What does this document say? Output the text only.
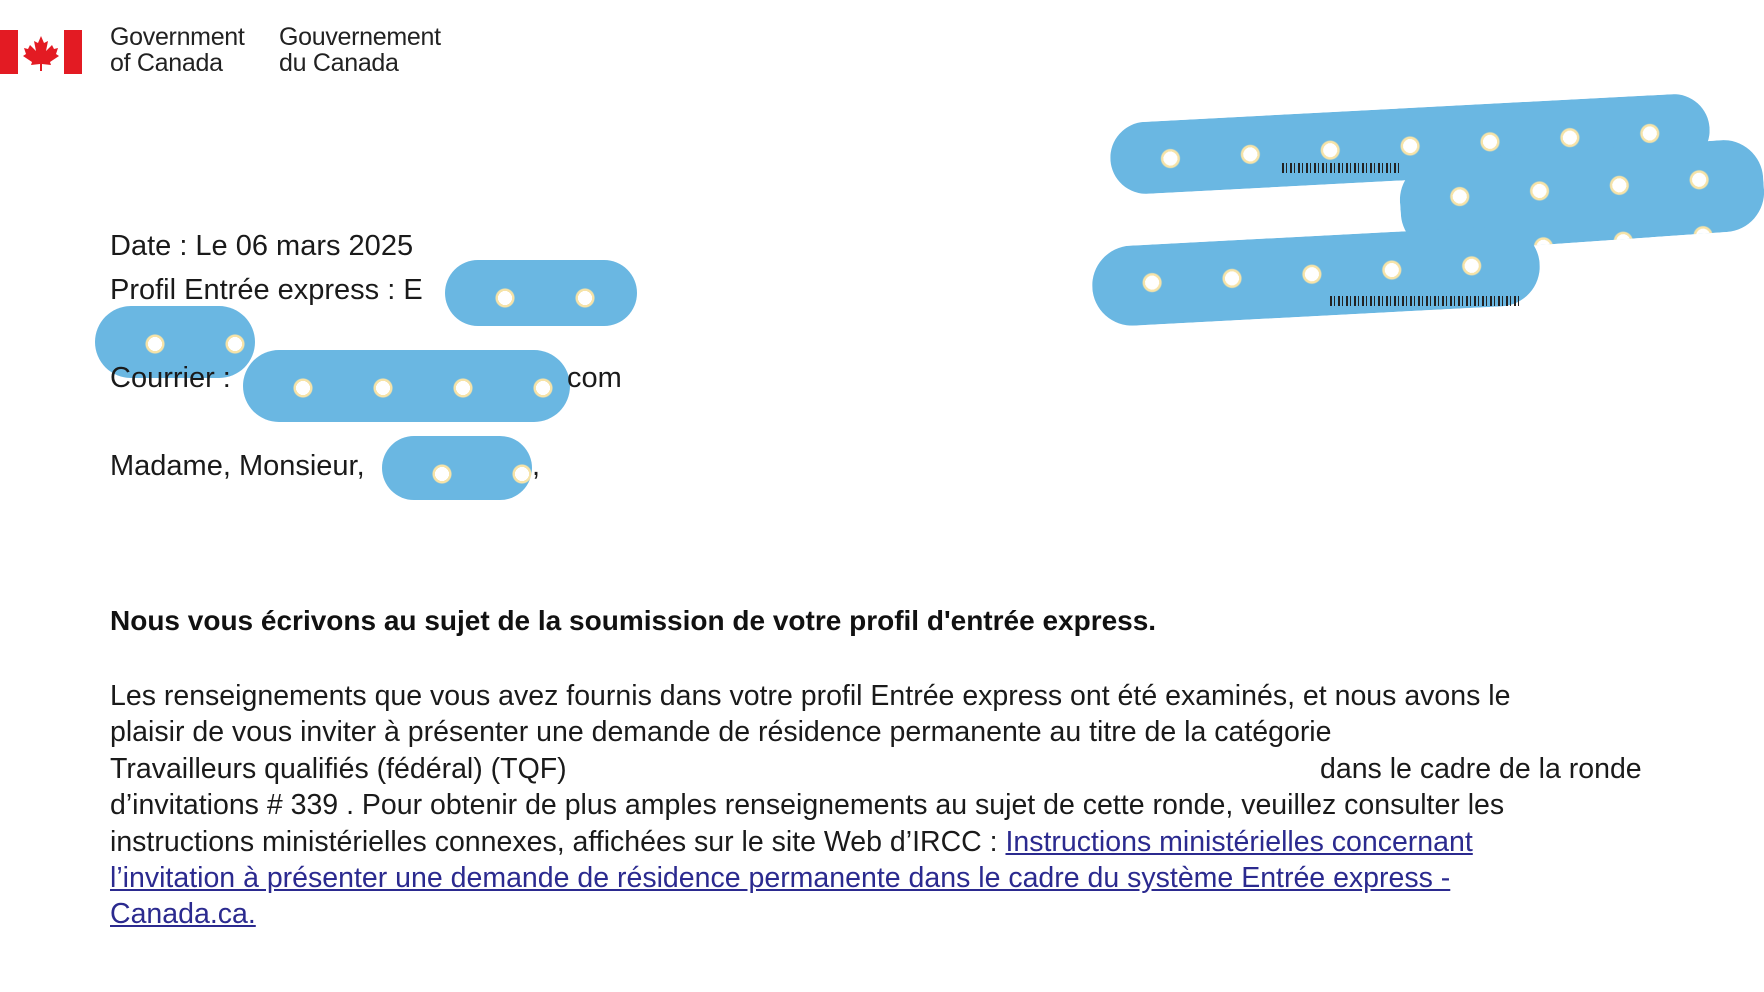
Government
of Canada
Gouvernement
du Canada
Date : Le 06 mars 2025
Profil Entrée express : E
Courrier :	com
Madame, Monsieur,	,
Nous vous écrivons au sujet de la soumission de votre profil d'entrée express.
Les renseignements que vous avez fournis dans votre profil Entrée express ont été examinés, et nous avons le
plaisir de vous inviter à présenter une demande de résidence permanente au titre de la catégorie
Travailleurs qualifiés (fédéral) (TQF)	dans le cadre de la ronde
d’invitations # 339 . Pour obtenir de plus amples renseignements au sujet de cette ronde, veuillez consulter les
instructions ministérielles connexes, affichées sur le site Web d’IRCC : Instructions ministérielles concernant
l’invitation à présenter une demande de résidence permanente dans le cadre du système Entrée express -
Canada.ca.
